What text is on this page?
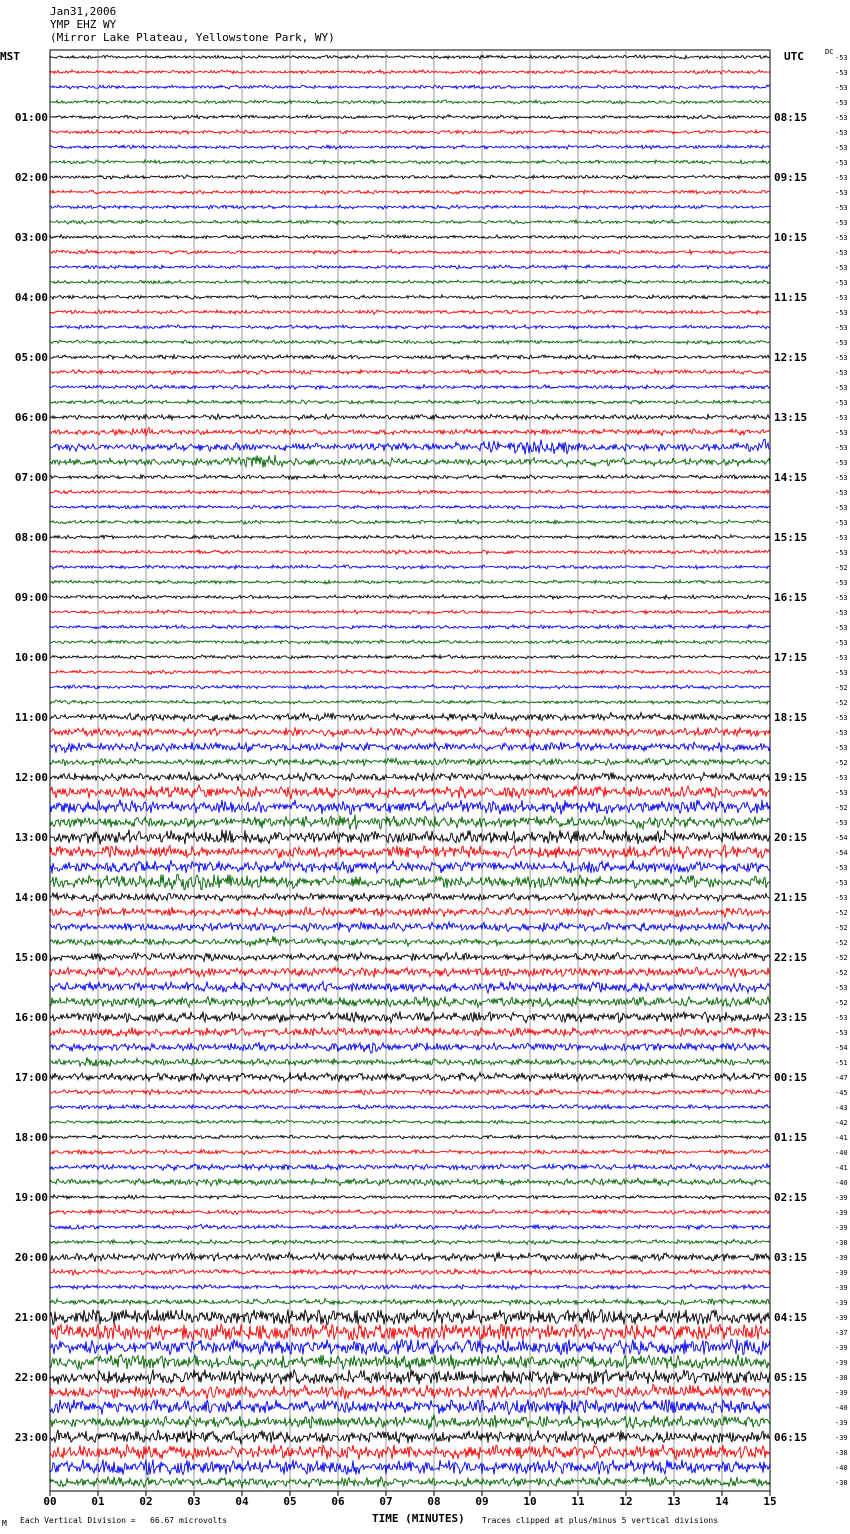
Jan31,2006
YMP EHZ WY
(Mirror Lake Plateau, Yellowstone Park, WY)
MST	UTC	DC
-53
-53
-53
-53
-53
-53
-53
-53
-53
-53
-53
-53
-53
-53
-53
-53
-53
-53
-53
-53
-53
-53
-53
-53
-53
-53
-53
-53
-53
-53
-53
-53
-53
-53
-52
-53
-53
-53
-53
-53
-53
-53
-52
-52
-53
-53
-53
-52
-53
-53
-52
-53
-54
-54
-53
-53
-53
-52
-52
-52
-52
-52
-53
-52
-53
-53
-54
-51
-47
-45
-43
-42
-41
-40
-41
-40
-39
-39
-39
-38
-39
-39
-39
-39
-39
-37
-39
-39
-38
-39
-40
-39
-39
-38
-40
-38
01:00
02:00
03:00
04:00
05:00
06:00
07:00
08:00
09:00
10:00
11:00
12:00
13:00
14:00
15:00
16:00
17:00
18:00
19:00
20:00
21:00
22:00
23:00
08:15
09:15
10:15
11:15
12:15
13:15
14:15
15:15
16:15
17:15
18:15
19:15
20:15
21:15
22:15
23:15
00:15
01:15
02:15
03:15
04:15
05:15
06:15
00	01	02	03	04	05	06	07	08	09	10	11	12	13	14	15
TIME (MINUTES)
M Each Vertical Division =   66.67 microvolts	Traces clipped at plus/minus 5 vertical divisions
